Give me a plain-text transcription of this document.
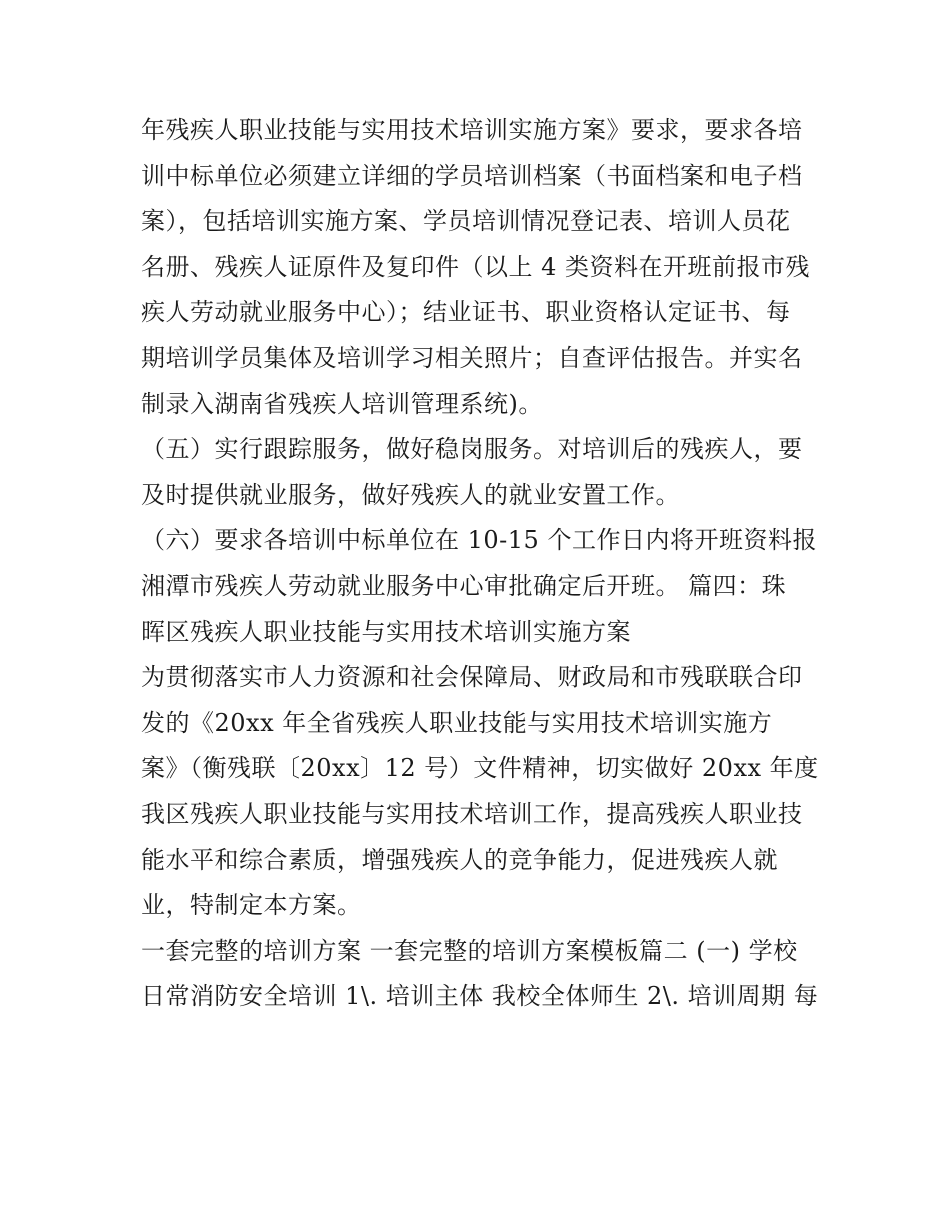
年残疾人职业技能与实用技术培训实施方案》要求，要求各培
训中标单位必须建立详细的学员培训档案（书面档案和电子档
案），包括培训实施方案、学员培训情况登记表、培训人员花
名册、残疾人证原件及复印件（以上 4 类资料在开班前报市残
疾人劳动就业服务中心）；结业证书、职业资格认定证书、每
期培训学员集体及培训学习相关照片；自查评估报告。并实名
制录入湖南省残疾人培训管理系统)。
（五）实行跟踪服务，做好稳岗服务。对培训后的残疾人，要
及时提供就业服务，做好残疾人的就业安置工作。
（六）要求各培训中标单位在 10-15 个工作日内将开班资料报
湘潭市残疾人劳动就业服务中心审批确定后开班。 篇四：珠
晖区残疾人职业技能与实用技术培训实施方案
为贯彻落实市人力资源和社会保障局、财政局和市残联联合印
发的《20xx 年全省残疾人职业技能与实用技术培训实施方
案》（衡残联〔20xx〕12 号）文件精神，切实做好 20xx 年度
我区残疾人职业技能与实用技术培训工作，提高残疾人职业技
能水平和综合素质，增强残疾人的竞争能力，促进残疾人就
业，特制定本方案。
一套完整的培训方案 一套完整的培训方案模板篇二 (一) 学校
日常消防安全培训 1\. 培训主体 我校全体师生 2\. 培训周期 每
